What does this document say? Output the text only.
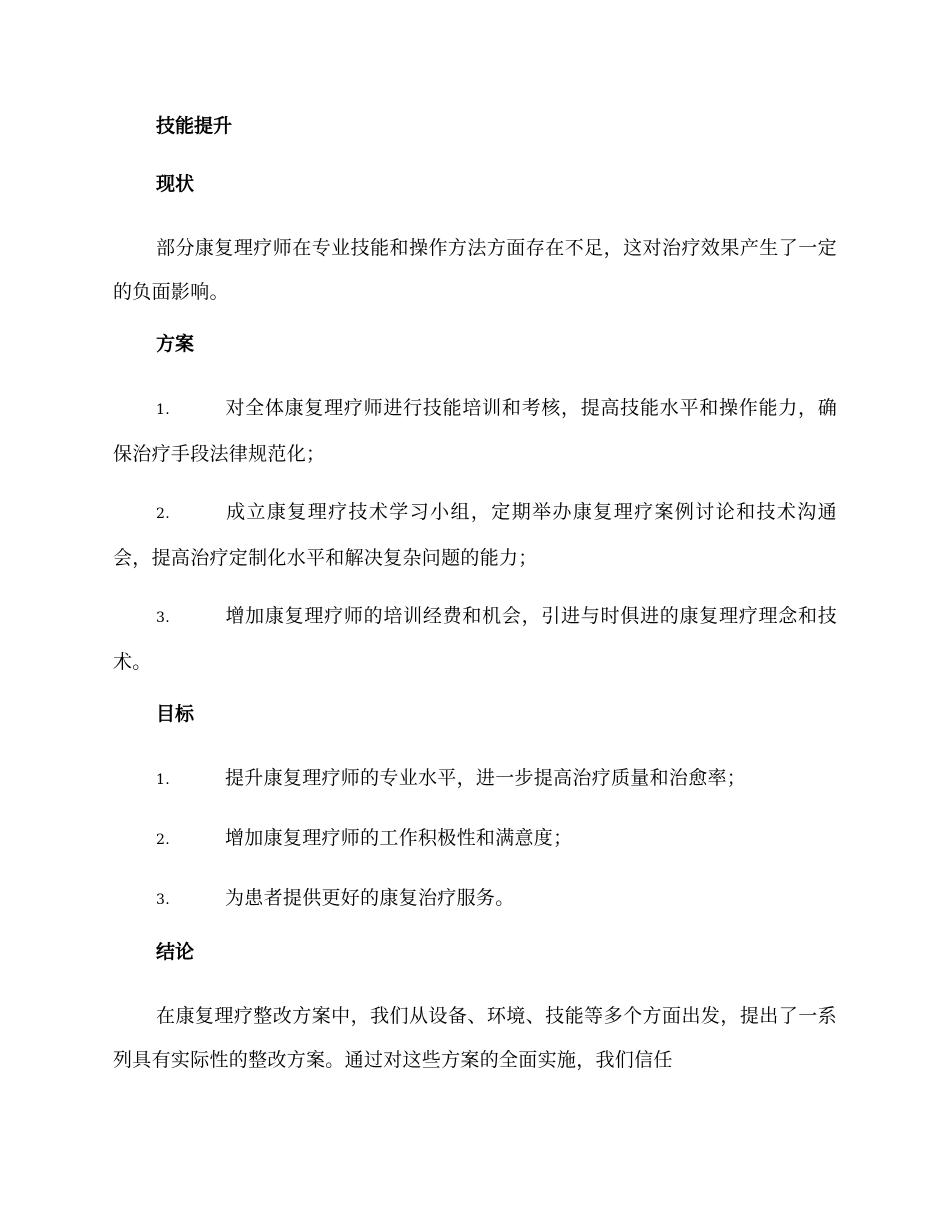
技能提升
现状

部分康复理疗师在专业技能和操作方法方面存在不足，这对治疗效果产生了一定的负面影响。

方案

1.	对全体康复理疗师进行技能培训和考核，提高技能水平和操作能力，确保治疗手段法律规范化；

2.	成立康复理疗技术学习小组，定期举办康复理疗案例讨论和技术沟通会，提高治疗定制化水平和解决复杂问题的能力；

3.	增加康复理疗师的培训经费和机会，引进与时俱进的康复理疗理念和技术。

目标

1.	提升康复理疗师的专业水平，进一步提高治疗质量和治愈率；

2.	增加康复理疗师的工作积极性和满意度；

3.	为患者提供更好的康复治疗服务。

结论

在康复理疗整改方案中，我们从设备、环境、技能等多个方面出发，提出了一系列具有实际性的整改方案。通过对这些方案的全面实施，我们信任
